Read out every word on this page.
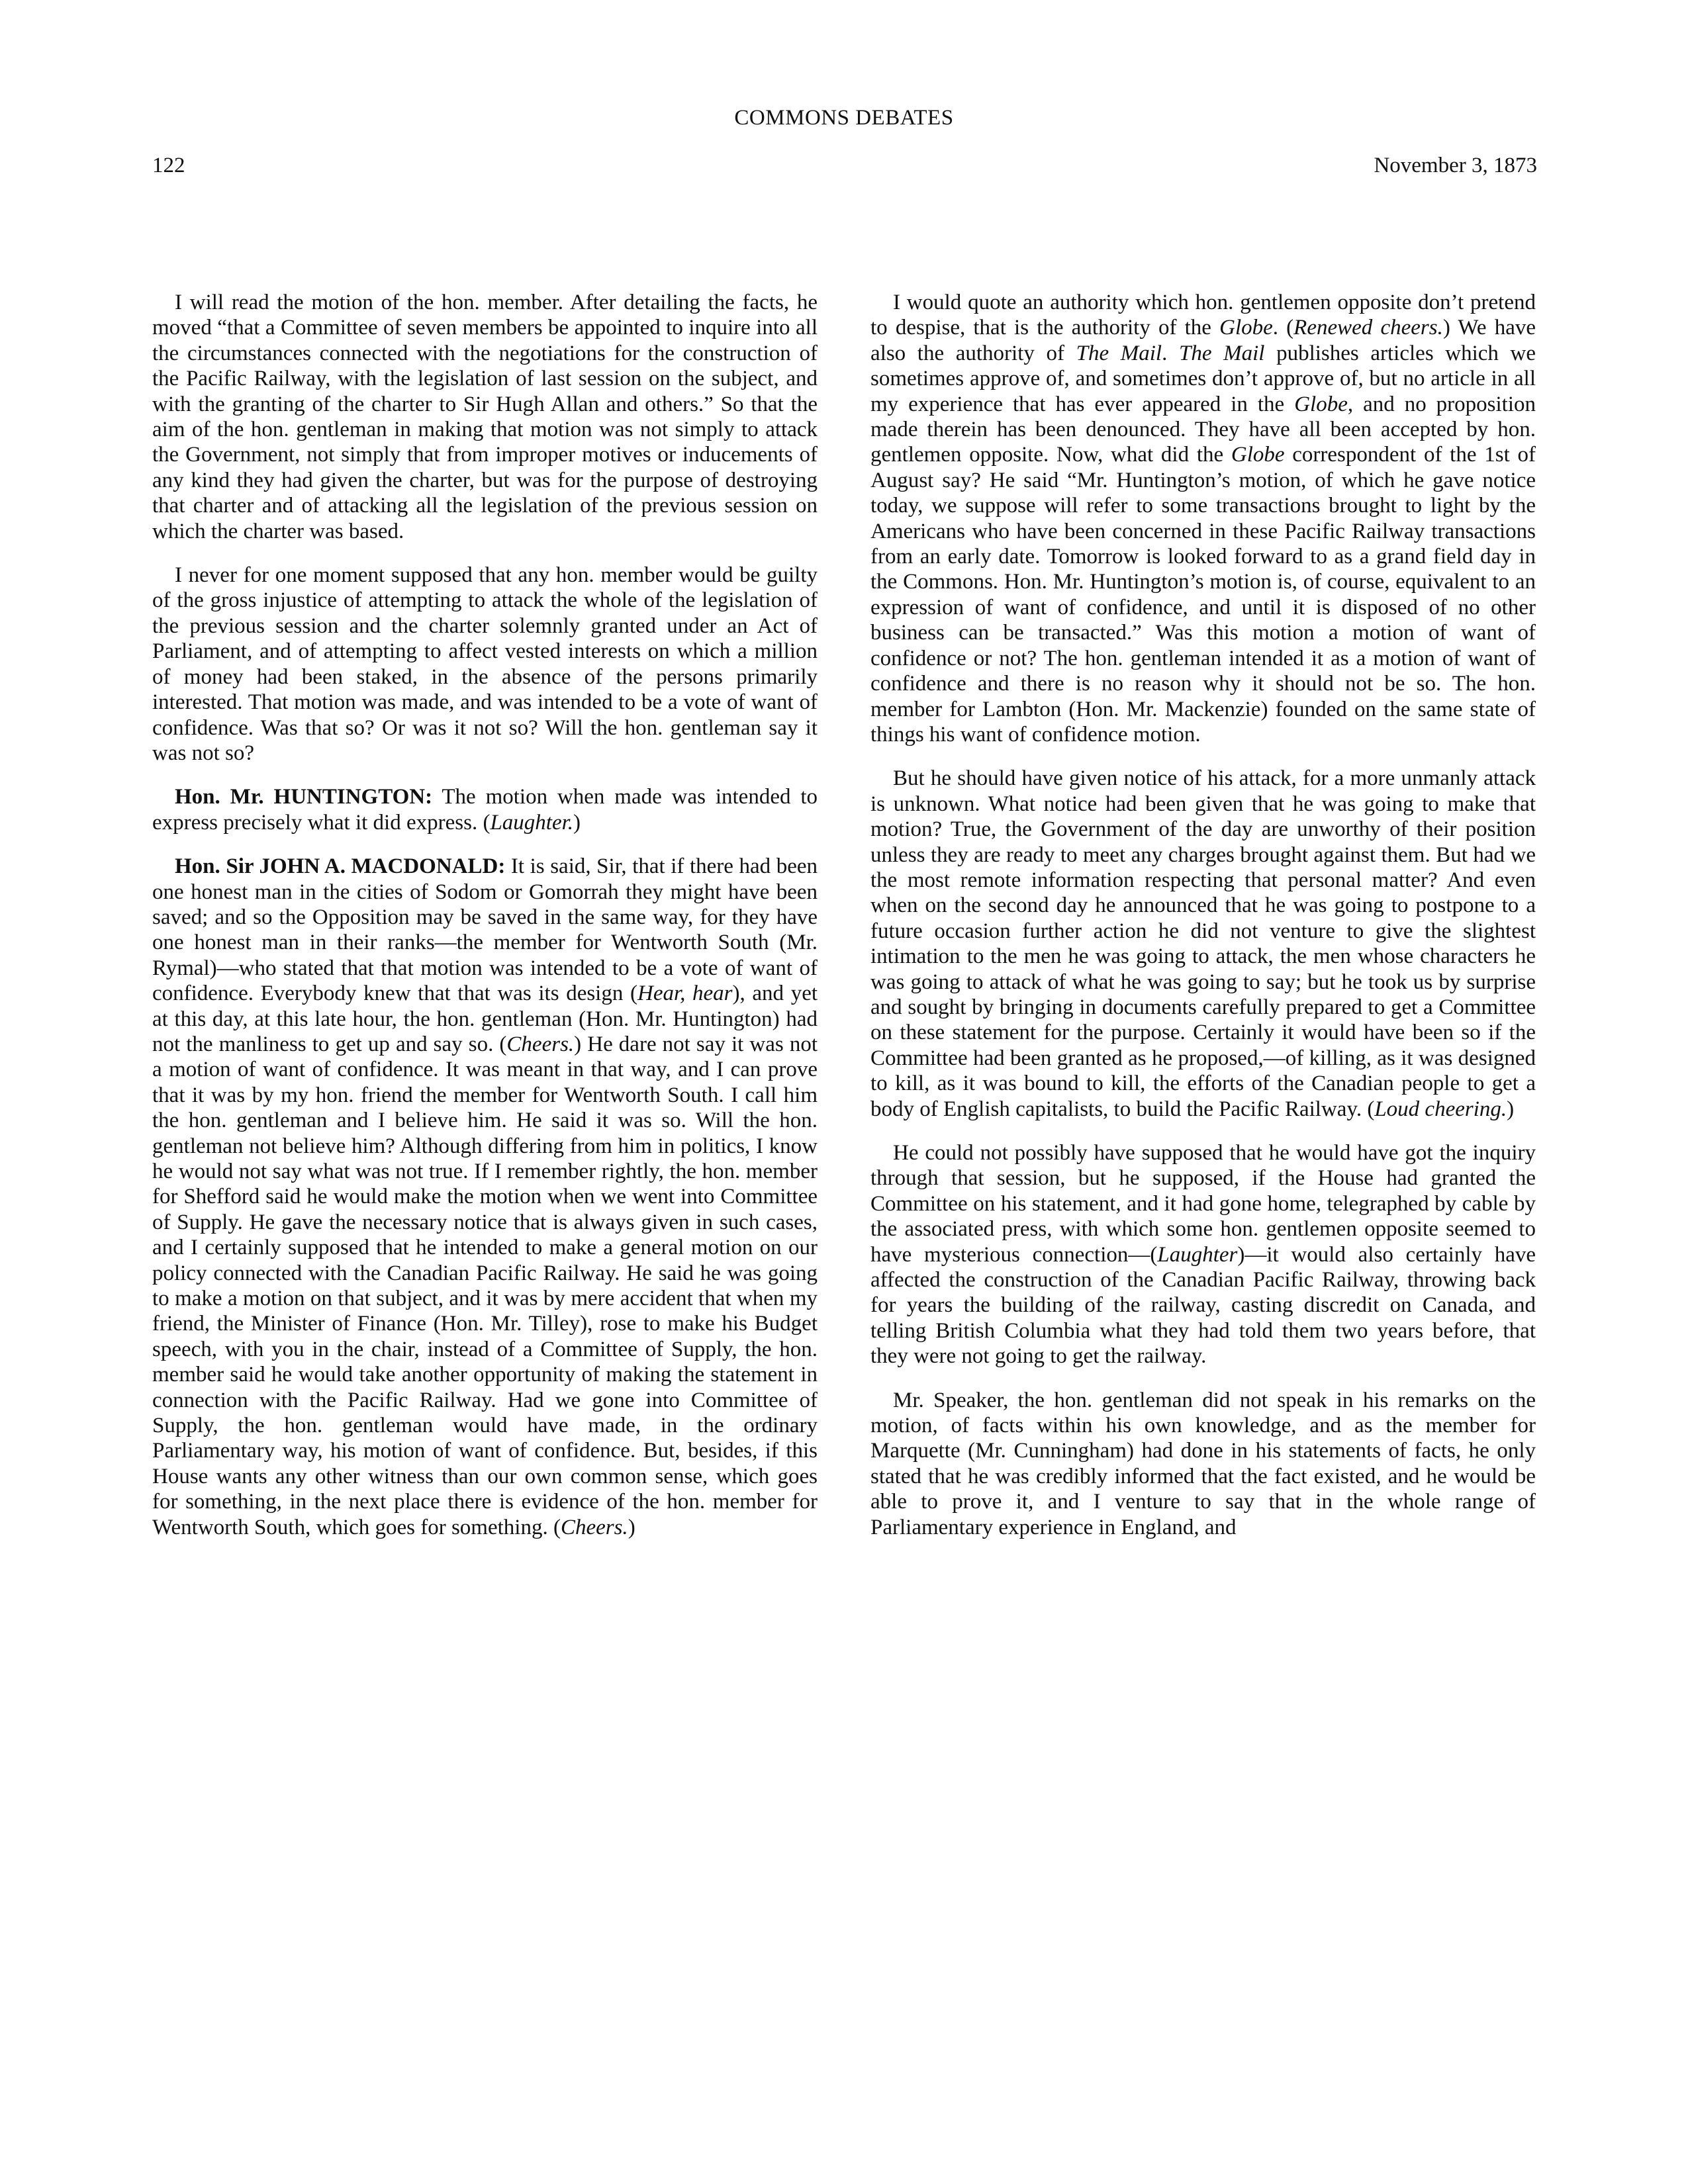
COMMONS DEBATES
122	November 3, 1873

I will read the motion of the hon. member. After detailing the facts, he moved “that a Committee of seven members be appointed to inquire into all the circumstances connected with the negotiations for the construction of the Pacific Railway, with the legislation of last session on the subject, and with the granting of the charter to Sir Hugh Allan and others.” So that the aim of the hon. gentleman in making that motion was not simply to attack the Government, not simply that from improper motives or inducements of any kind they had given the charter, but was for the purpose of destroying that charter and of attacking all the legislation of the previous session on which the charter was based.

I never for one moment supposed that any hon. member would be guilty of the gross injustice of attempting to attack the whole of the legislation of the previous session and the charter solemnly granted under an Act of Parliament, and of attempting to affect vested interests on which a million of money had been staked, in the absence of the persons primarily interested. That motion was made, and was intended to be a vote of want of confidence. Was that so? Or was it not so? Will the hon. gentleman say it was not so?

Hon. Mr. HUNTINGTON: The motion when made was intended to express precisely what it did express. (Laughter.)

Hon. Sir JOHN A. MACDONALD: It is said, Sir, that if there had been one honest man in the cities of Sodom or Gomorrah they might have been saved; and so the Opposition may be saved in the same way, for they have one honest man in their ranks—the member for Wentworth South (Mr. Rymal)—who stated that that motion was intended to be a vote of want of confidence. Everybody knew that that was its design (Hear, hear), and yet at this day, at this late hour, the hon. gentleman (Hon. Mr. Huntington) had not the manliness to get up and say so. (Cheers.) He dare not say it was not a motion of want of confidence. It was meant in that way, and I can prove that it was by my hon. friend the member for Wentworth South. I call him the hon. gentleman and I believe him. He said it was so. Will the hon. gentleman not believe him? Although differing from him in politics, I know he would not say what was not true. If I remember rightly, the hon. member for Shefford said he would make the motion when we went into Committee of Supply. He gave the necessary notice that is always given in such cases, and I certainly supposed that he intended to make a general motion on our policy connected with the Canadian Pacific Railway. He said he was going to make a motion on that subject, and it was by mere accident that when my friend, the Minister of Finance (Hon. Mr. Tilley), rose to make his Budget speech, with you in the chair, instead of a Committee of Supply, the hon. member said he would take another opportunity of making the statement in connection with the Pacific Railway. Had we gone into Committee of Supply, the hon. gentleman would have made, in the ordinary Parliamentary way, his motion of want of confidence. But, besides, if this House wants any other witness than our own common sense, which goes for something, in the next place there is evidence of the hon. member for Wentworth South, which goes for something. (Cheers.)

I would quote an authority which hon. gentlemen opposite don’t pretend to despise, that is the authority of the Globe. (Renewed cheers.) We have also the authority of The Mail. The Mail publishes articles which we sometimes approve of, and sometimes don’t approve of, but no article in all my experience that has ever appeared in the Globe, and no proposition made therein has been denounced. They have all been accepted by hon. gentlemen opposite. Now, what did the Globe correspondent of the 1st of August say? He said “Mr. Huntington’s motion, of which he gave notice today, we suppose will refer to some transactions brought to light by the Americans who have been concerned in these Pacific Railway transactions from an early date. Tomorrow is looked forward to as a grand field day in the Commons. Hon. Mr. Huntington’s motion is, of course, equivalent to an expression of want of confidence, and until it is disposed of no other business can be transacted.” Was this motion a motion of want of confidence or not? The hon. gentleman intended it as a motion of want of confidence and there is no reason why it should not be so. The hon. member for Lambton (Hon. Mr. Mackenzie) founded on the same state of things his want of confidence motion.

But he should have given notice of his attack, for a more unmanly attack is unknown. What notice had been given that he was going to make that motion? True, the Government of the day are unworthy of their position unless they are ready to meet any charges brought against them. But had we the most remote information respecting that personal matter? And even when on the second day he announced that he was going to postpone to a future occasion further action he did not venture to give the slightest intimation to the men he was going to attack, the men whose characters he was going to attack of what he was going to say; but he took us by surprise and sought by bringing in documents carefully prepared to get a Committee on these statement for the purpose. Certainly it would have been so if the Committee had been granted as he proposed,—of killing, as it was designed to kill, as it was bound to kill, the efforts of the Canadian people to get a body of English capitalists, to build the Pacific Railway. (Loud cheering.)

He could not possibly have supposed that he would have got the inquiry through that session, but he supposed, if the House had granted the Committee on his statement, and it had gone home, telegraphed by cable by the associated press, with which some hon. gentlemen opposite seemed to have mysterious connection—(Laughter)—it would also certainly have affected the construction of the Canadian Pacific Railway, throwing back for years the building of the railway, casting discredit on Canada, and telling British Columbia what they had told them two years before, that they were not going to get the railway.

Mr. Speaker, the hon. gentleman did not speak in his remarks on the motion, of facts within his own knowledge, and as the member for Marquette (Mr. Cunningham) had done in his statements of facts, he only stated that he was credibly informed that the fact existed, and he would be able to prove it, and I venture to say that in the whole range of Parliamentary experience in England, and
